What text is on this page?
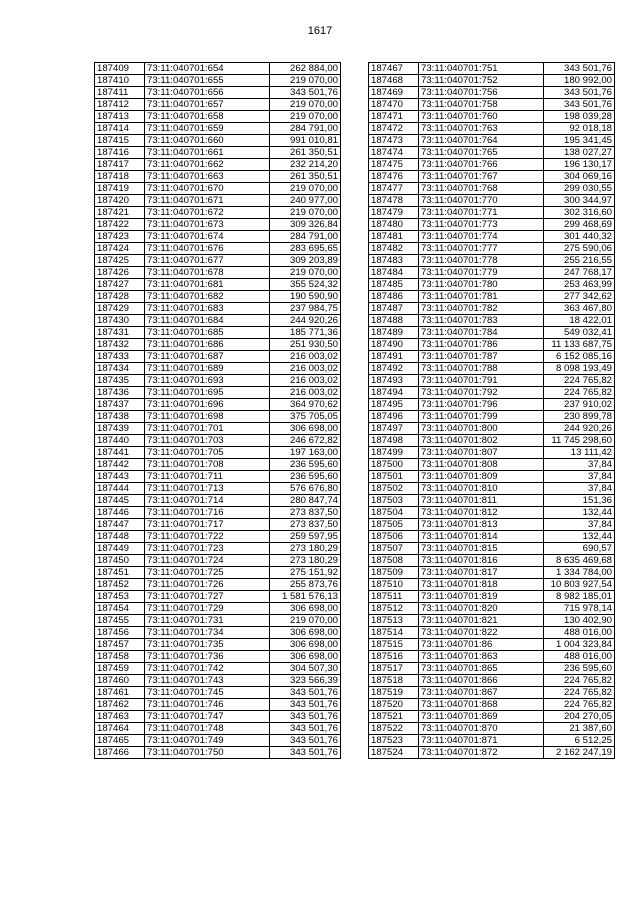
1617
187409	73:11:040701:654	262 884,00
187410	73:11:040701:655	219 070,00
187411	73:11:040701:656	343 501,76
187412	73:11:040701:657	219 070,00
187413	73:11:040701:658	219 070,00
187414	73:11:040701:659	284 791,00
187415	73:11:040701:660	991 010,81
187416	73:11:040701:661	261 350,51
187417	73:11:040701:662	232 214,20
187418	73:11:040701:663	261 350,51
187419	73:11:040701:670	219 070,00
187420	73:11:040701:671	240 977,00
187421	73:11:040701:672	219 070,00
187422	73:11:040701:673	309 326,84
187423	73:11:040701:674	284 791,00
187424	73:11:040701:676	283 695,65
187425	73:11:040701:677	309 203,89
187426	73:11:040701:678	219 070,00
187427	73:11:040701:681	355 524,32
187428	73:11:040701:682	190 590,90
187429	73:11:040701:683	237 984,75
187430	73:11:040701:684	244 920,26
187431	73:11:040701:685	185 771,36
187432	73:11:040701:686	251 930,50
187433	73:11:040701:687	216 003,02
187434	73:11:040701:689	216 003,02
187435	73:11:040701:693	216 003,02
187436	73:11:040701:695	216 003,02
187437	73:11:040701:696	364 970,62
187438	73:11:040701:698	375 705,05
187439	73:11:040701:701	306 698,00
187440	73:11:040701:703	246 672,82
187441	73:11:040701:705	197 163,00
187442	73:11:040701:708	236 595,60
187443	73:11:040701:711	236 595,60
187444	73:11:040701:713	576 676,80
187445	73:11:040701:714	280 847,74
187446	73:11:040701:716	273 837,50
187447	73:11:040701:717	273 837,50
187448	73:11:040701:722	259 597,95
187449	73:11:040701:723	273 180,29
187450	73:11:040701:724	273 180,29
187451	73:11:040701:725	275 151,92
187452	73:11:040701:726	255 873,76
187453	73:11:040701:727	1 581 576,13
187454	73:11:040701:729	306 698,00
187455	73:11:040701:731	219 070,00
187456	73:11:040701:734	306 698,00
187457	73:11:040701:735	306 698,00
187458	73:11:040701:736	306 698,00
187459	73:11:040701:742	304 507,30
187460	73:11:040701:743	323 566,39
187461	73:11:040701:745	343 501,76
187462	73:11:040701:746	343 501,76
187463	73:11:040701:747	343 501,76
187464	73:11:040701:748	343 501,76
187465	73:11:040701:749	343 501,76
187466	73:11:040701:750	343 501,76
187467	73:11:040701:751	343 501,76
187468	73:11:040701:752	180 992,00
187469	73:11:040701:756	343 501,76
187470	73:11:040701:758	343 501,76
187471	73:11:040701:760	198 039,28
187472	73:11:040701:763	92 018,18
187473	73:11:040701:764	195 341,45
187474	73:11:040701:765	138 027,27
187475	73:11:040701:766	196 130,17
187476	73:11:040701:767	304 069,16
187477	73:11:040701:768	299 030,55
187478	73:11:040701:770	300 344,97
187479	73:11:040701:771	302 316,60
187480	73:11:040701:773	299 468,69
187481	73:11:040701:774	301 440,32
187482	73:11:040701:777	275 590,06
187483	73:11:040701:778	255 216,55
187484	73:11:040701:779	247 768,17
187485	73:11:040701:780	253 463,99
187486	73:11:040701:781	277 342,62
187487	73:11:040701:782	363 467,80
187488	73:11:040701:783	18 422,01
187489	73:11:040701:784	549 032,41
187490	73:11:040701:786	11 133 687,75
187491	73:11:040701:787	6 152 085,16
187492	73:11:040701:788	8 098 193,49
187493	73:11:040701:791	224 765,82
187494	73:11:040701:792	224 765,82
187495	73:11:040701:796	237 910,02
187496	73:11:040701:799	230 899,78
187497	73:11:040701:800	244 920,26
187498	73:11:040701:802	11 745 298,60
187499	73:11:040701:807	13 111,42
187500	73:11:040701:808	37,84
187501	73:11:040701:809	37,84
187502	73:11:040701:810	37,84
187503	73:11:040701:811	151,36
187504	73:11:040701:812	132,44
187505	73:11:040701:813	37,84
187506	73:11:040701:814	132,44
187507	73:11:040701:815	690,57
187508	73:11:040701:816	8 635 469,68
187509	73:11:040701:817	1 334 784,00
187510	73:11:040701:818	10 803 927,54
187511	73:11:040701:819	8 982 185,01
187512	73:11:040701:820	715 978,14
187513	73:11:040701:821	130 402,90
187514	73:11:040701:822	488 016,00
187515	73:11:040701:86	1 004 323,84
187516	73:11:040701:863	488 016,00
187517	73:11:040701:865	236 595,60
187518	73:11:040701:866	224 765,82
187519	73:11:040701:867	224 765,82
187520	73:11:040701:868	224 765,82
187521	73:11:040701:869	204 270,05
187522	73:11:040701:870	21 387,60
187523	73:11:040701:871	6 512,25
187524	73:11:040701:872	2 162 247,19
